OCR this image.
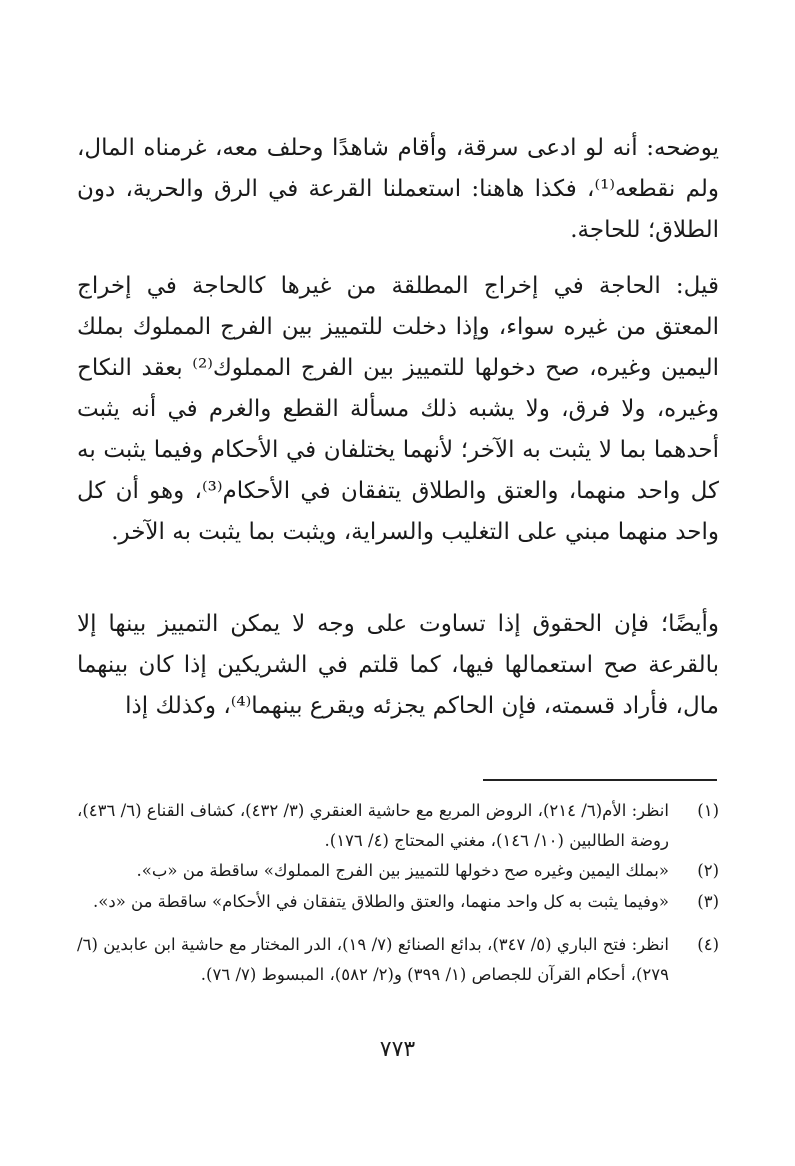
يوضحه: أنه لو ادعى سرقة، وأقام شاهدًا وحلف معه، غرمناه المال، ولم نقطعه⁽¹⁾، فكذا هاهنا: استعملنا القرعة في الرق والحرية، دون الطلاق؛ للحاجة.

قيل: الحاجة في إخراج المطلقة من غيرها كالحاجة في إخراج المعتق من غيره سواء، وإذا دخلت للتمييز بين الفرج المملوك بملك اليمين وغيره، صح دخولها للتمييز بين الفرج المملوك⁽²⁾ بعقد النكاح وغيره، ولا فرق، ولا يشبه ذلك مسألة القطع والغرم في أنه يثبت أحدهما بما لا يثبت به الآخر؛ لأنهما يختلفان في الأحكام وفيما يثبت به كل واحد منهما، والعتق والطلاق يتفقان في الأحكام⁽³⁾، وهو أن كل واحد منهما مبني على التغليب والسراية، ويثبت بما يثبت به الآخر.

وأيضًا؛ فإن الحقوق إذا تساوت على وجه لا يمكن التمييز بينها إلا بالقرعة صح استعمالها فيها، كما قلتم في الشريكين إذا كان بينهما مال، فأراد قسمته، فإن الحاكم يجزئه ويقرع بينهما⁽⁴⁾، وكذلك إذا

(١)
انظر: الأم(٦/ ٢١٤)، الروض المربع مع حاشية العنقري (٣/ ٤٣٢)، كشاف القناع (٦/ ٤٣٦)، روضة الطالبين (١٠/ ١٤٦)، مغني المحتاج (٤/ ١٧٦).
(٢)
«بملك اليمين وغيره صح دخولها للتمييز بين الفرج المملوك» ساقطة من «ب».
(٣)
«وفيما يثبت به كل واحد منهما، والعتق والطلاق يتفقان في الأحكام» ساقطة من «د».
(٤)
انظر: فتح الباري (٥/ ٣٤٧)، بدائع الصنائع (٧/ ١٩)، الدر المختار مع حاشية ابن عابدين (٦/ ٢٧٩)، أحكام القرآن للجصاص (١/ ٣٩٩) و(٢/ ٥٨٢)، المبسوط (٧/ ٧٦).
٧٧٣
